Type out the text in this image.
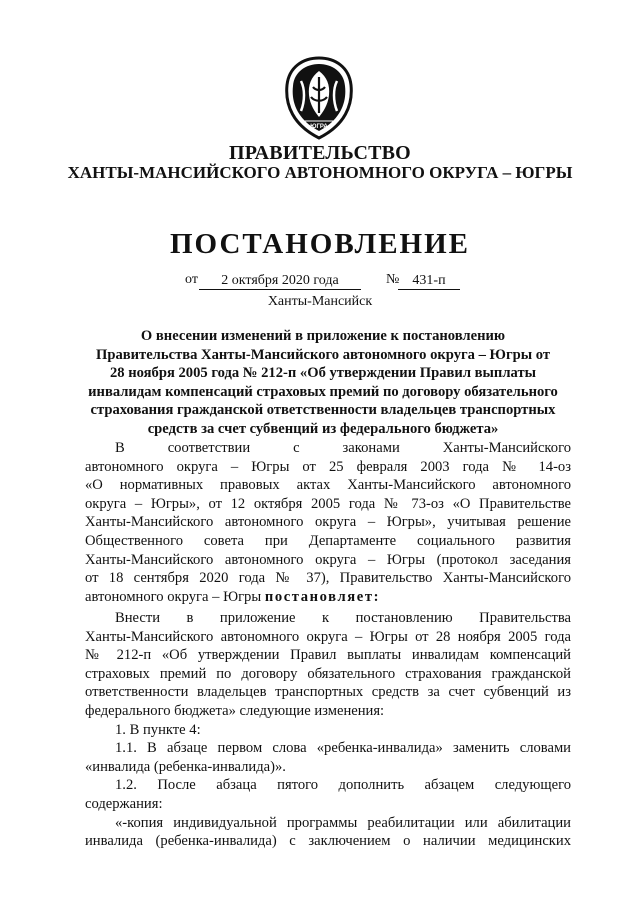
ЮГРА
ПРАВИТЕЛЬСТВО
ХАНТЫ-МАНСИЙСКОГО АВТОНОМНОГО ОКРУГА – ЮГРЫ
ПОСТАНОВЛЕНИЕ
от	2 октября 2020 года	№ 431-п
Ханты-Мансийск
О внесении изменений в приложение к постановлению
Правительства Ханты-Мансийского автономного округа – Югры от
28 ноября 2005 года № 212-п «Об утверждении Правил выплаты
инвалидам компенсаций страховых премий по договору обязательного
страхования гражданской ответственности владельцев транспортных
средств за счет субвенций из федерального бюджета»
В соответствии с законами Ханты-Мансийского
автономного округа – Югры от 25 февраля 2003 года № 14-оз
«О нормативных правовых актах Ханты-Мансийского автономного
округа – Югры», от 12 октября 2005 года № 73-оз «О Правительстве
Ханты-Мансийского автономного округа – Югры», учитывая решение
Общественного совета при Департаменте социального развития
Ханты-Мансийского автономного округа – Югры (протокол заседания
от 18 сентября 2020 года № 37), Правительство Ханты-Мансийского
автономного округа – Югры постановляет:
Внести в приложение к постановлению Правительства
Ханты-Мансийского автономного округа – Югры от 28 ноября 2005 года
№ 212-п «Об утверждении Правил выплаты инвалидам компенсаций
страховых премий по договору обязательного страхования гражданской
ответственности владельцев транспортных средств за счет субвенций из
федерального бюджета» следующие изменения:
1. В пункте 4:
1.1. В абзаце первом слова «ребенка-инвалида» заменить словами
«инвалида (ребенка-инвалида)».
1.2. После абзаца пятого дополнить абзацем следующего
содержания:
«-копия индивидуальной программы реабилитации или абилитации
инвалида (ребенка-инвалида) с заключением о наличии медицинских
